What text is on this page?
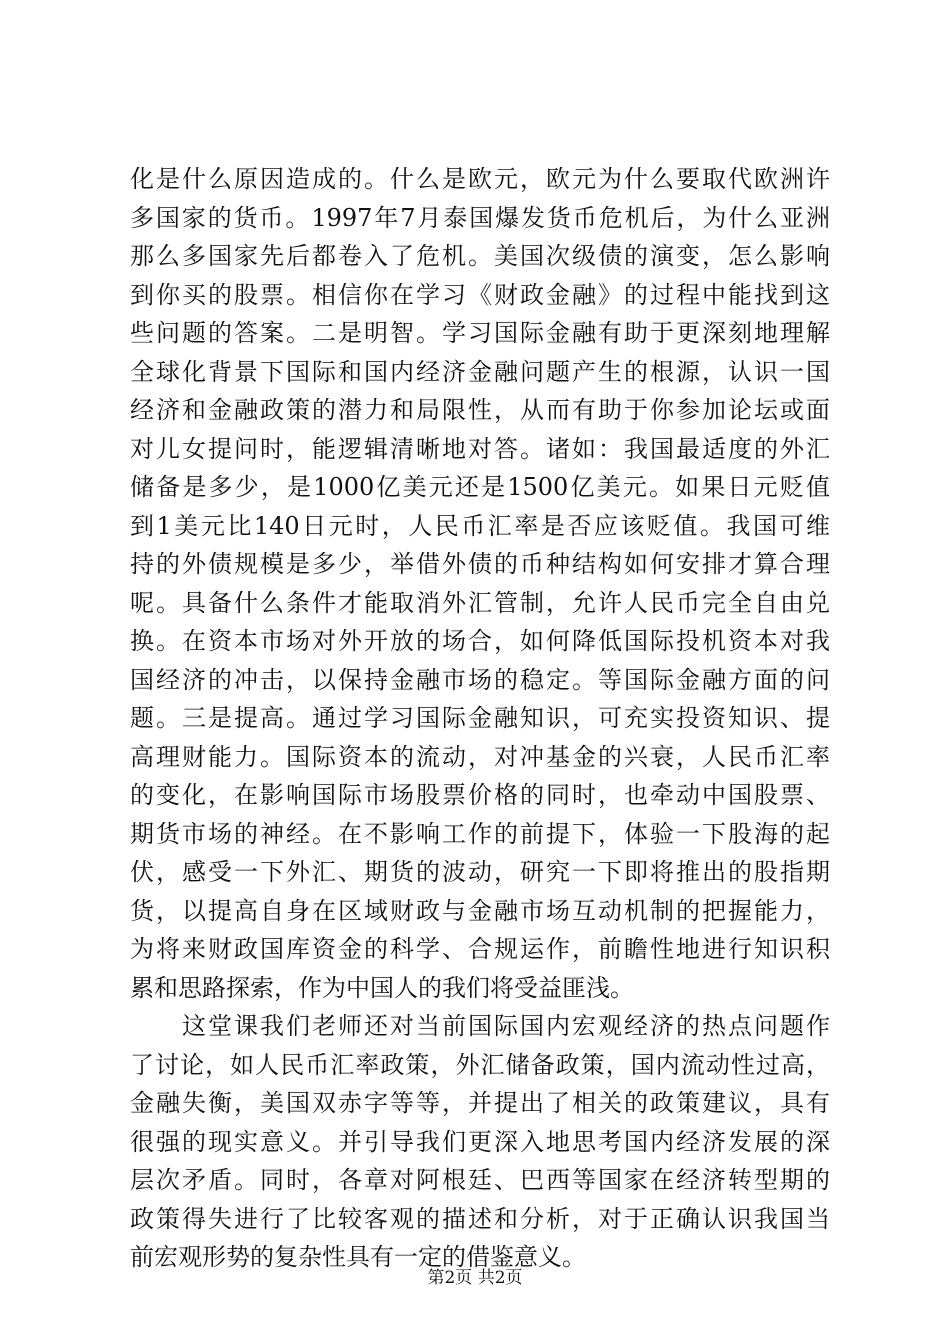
化是什么原因造成的。什么是欧元，欧元为什么要取代欧洲许
多国家的货币。1997年7月泰国爆发货币危机后，为什么亚洲
那么多国家先后都卷入了危机。美国次级债的演变，怎么影响
到你买的股票。相信你在学习《财政金融》的过程中能找到这
些问题的答案。二是明智。学习国际金融有助于更深刻地理解
全球化背景下国际和国内经济金融问题产生的根源，认识一国
经济和金融政策的潜力和局限性，从而有助于你参加论坛或面
对儿女提问时，能逻辑清晰地对答。诸如：我国最适度的外汇
储备是多少，是1000亿美元还是1500亿美元。如果日元贬值
到1美元比140日元时，人民币汇率是否应该贬值。我国可维
持的外债规模是多少，举借外债的币种结构如何安排才算合理
呢。具备什么条件才能取消外汇管制，允许人民币完全自由兑
换。在资本市场对外开放的场合，如何降低国际投机资本对我
国经济的冲击，以保持金融市场的稳定。等国际金融方面的问
题。三是提高。通过学习国际金融知识，可充实投资知识、提
高理财能力。国际资本的流动，对冲基金的兴衰，人民币汇率
的变化，在影响国际市场股票价格的同时，也牵动中国股票、
期货市场的神经。在不影响工作的前提下，体验一下股海的起
伏，感受一下外汇、期货的波动，研究一下即将推出的股指期
货，以提高自身在区域财政与金融市场互动机制的把握能力，
为将来财政国库资金的科学、合规运作，前瞻性地进行知识积
累和思路探索，作为中国人的我们将受益匪浅。
　　这堂课我们老师还对当前国际国内宏观经济的热点问题作
了讨论，如人民币汇率政策，外汇储备政策，国内流动性过高，
金融失衡，美国双赤字等等，并提出了相关的政策建议，具有
很强的现实意义。并引导我们更深入地思考国内经济发展的深
层次矛盾。同时，各章对阿根廷、巴西等国家在经济转型期的
政策得失进行了比较客观的描述和分析，对于正确认识我国当
前宏观形势的复杂性具有一定的借鉴意义。
第2页 共2页
